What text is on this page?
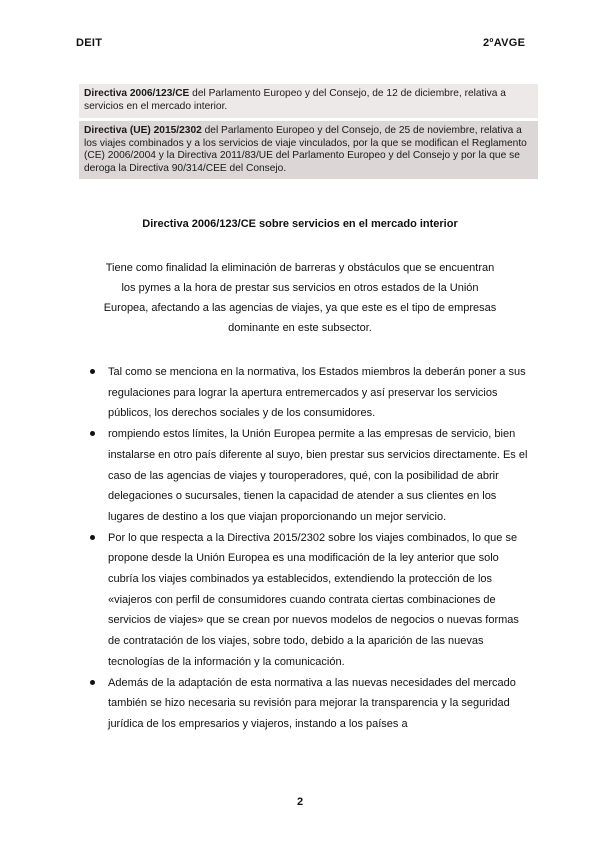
DEIT	2ºAVGE
Directiva 2006/123/CE del Parlamento Europeo y del Consejo, de 12 de diciembre, relativa a servicios en el mercado interior.
Directiva (UE) 2015/2302 del Parlamento Europeo y del Consejo, de 25 de noviembre, relativa a los viajes combinados y a los servicios de viaje vinculados, por la que se modifican el Reglamento (CE) 2006/2004 y la Directiva 2011/83/UE del Parlamento Europeo y del Consejo y por la que se deroga la Directiva 90/314/CEE del Consejo.
Directiva 2006/123/CE sobre servicios en el mercado interior
Tiene como finalidad la eliminación de barreras y obstáculos que se encuentran los pymes a la hora de prestar sus servicios en otros estados de la Unión Europea, afectando a las agencias de viajes, ya que este es el tipo de empresas dominante en este subsector.
Tal como se menciona en la normativa, los Estados miembros la deberán poner a sus regulaciones para lograr la apertura entremercados y así preservar los servicios públicos, los derechos sociales y de los consumidores.
rompiendo estos límites, la Unión Europea permite a las empresas de servicio, bien instalarse en otro país diferente al suyo, bien prestar sus servicios directamente. Es el caso de las agencias de viajes y touroperadores, qué, con la posibilidad de abrir delegaciones o sucursales, tienen la capacidad de atender a sus clientes en los lugares de destino a los que viajan proporcionando un mejor servicio.
Por lo que respecta a la Directiva 2015/2302 sobre los viajes combinados, lo que se propone desde la Unión Europea es una modificación de la ley anterior que solo cubría los viajes combinados ya establecidos, extendiendo la protección de los «viajeros con perfil de consumidores cuando contrata ciertas combinaciones de servicios de viajes» que se crean por nuevos modelos de negocios o nuevas formas de contratación de los viajes, sobre todo, debido a la aparición de las nuevas tecnologías de la información y la comunicación.
Además de la adaptación de esta normativa a las nuevas necesidades del mercado también se hizo necesaria su revisión para mejorar la transparencia y la seguridad jurídica de los empresarios y viajeros, instando a los países a
2
